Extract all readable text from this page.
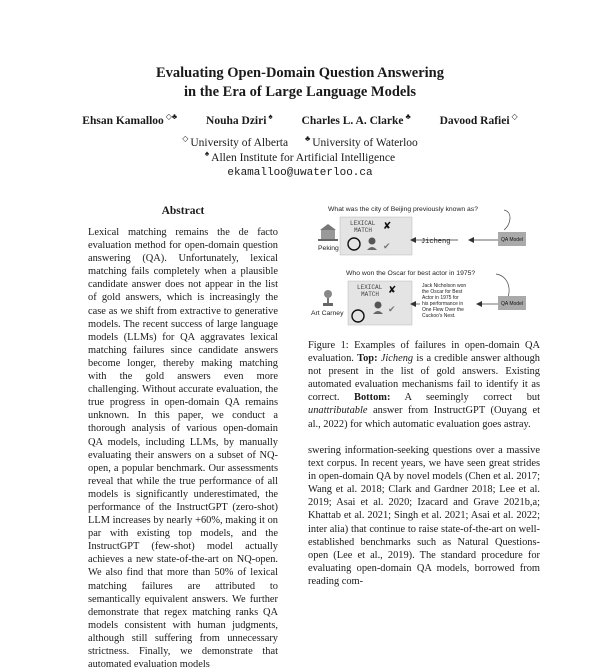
Evaluating Open-Domain Question Answering
in the Era of Large Language Models
Ehsan Kamalloo ◇♣	Nouha Dziri ♠	Charles L. A. Clarke ♣	Davood Rafiei ◇
◇ University of Alberta ♣ University of Waterloo
♠ Allen Institute for Artificial Intelligence
ekamalloo@uwaterloo.ca
Abstract
Lexical matching remains the de facto evaluation method for open-domain question answering (QA). Unfortunately, lexical matching fails completely when a plausible candidate answer does not appear in the list of gold answers, which is increasingly the case as we shift from extractive to generative models. The recent success of large language models (LLMs) for QA aggravates lexical matching failures since candidate answers become longer, thereby making matching with the gold answers even more challenging. Without accurate evaluation, the true progress in open-domain QA remains unknown. In this paper, we conduct a thorough analysis of various open-domain QA models, including LLMs, by manually evaluating their answers on a subset of NQ-open, a popular benchmark. Our assessments reveal that while the true performance of all models is significantly underestimated, the performance of the InstructGPT (zero-shot) LLM increases by nearly +60%, making it on par with existing top models, and the InstructGPT (few-shot) model actually achieves a new state-of-the-art on NQ-open. We also find that more than 50% of lexical matching failures are attributed to semantically equivalent answers. We further demonstrate that regex matching ranks QA models consistent with human judgments, although still suffering from unnecessary strictness. Finally, we demonstrate that automated evaluation models
What was the city of Beijing previously known as?
Peking
LEXICAL
MATCH ✘
✔	Jicheng	QA Model
Who won the Oscar for best actor in 1975?
Art Carney
LEXICAL
MATCH ✘
✔
Jack Nicholson won
the Oscar for Best
Actor in 1975 for
his performance in
One Flew Over the
Cuckoo's Nest.
QA Model
Figure 1: Examples of failures in open-domain QA evaluation. Top: Jicheng is a credible answer although not present in the list of gold answers. Existing automated evaluation mechanisms fail to identify it as correct. Bottom: A seemingly correct but unattributable answer from InstructGPT (Ouyang et al., 2022) for which automatic evaluation goes astray.
swering information-seeking questions over a massive text corpus. In recent years, we have seen great strides in open-domain QA by novel models (Chen et al. 2017; Wang et al. 2018; Clark and Gardner 2018; Lee et al. 2019; Asai et al. 2020; Izacard and Grave 2021b,a; Khattab et al. 2021; Singh et al. 2021; Asai et al. 2022; inter alia) that continue to raise state-of-the-art on well-established benchmarks such as Natural Questions-open (Lee et al., 2019). The standard procedure for evaluating open-domain QA models, borrowed from reading com-
